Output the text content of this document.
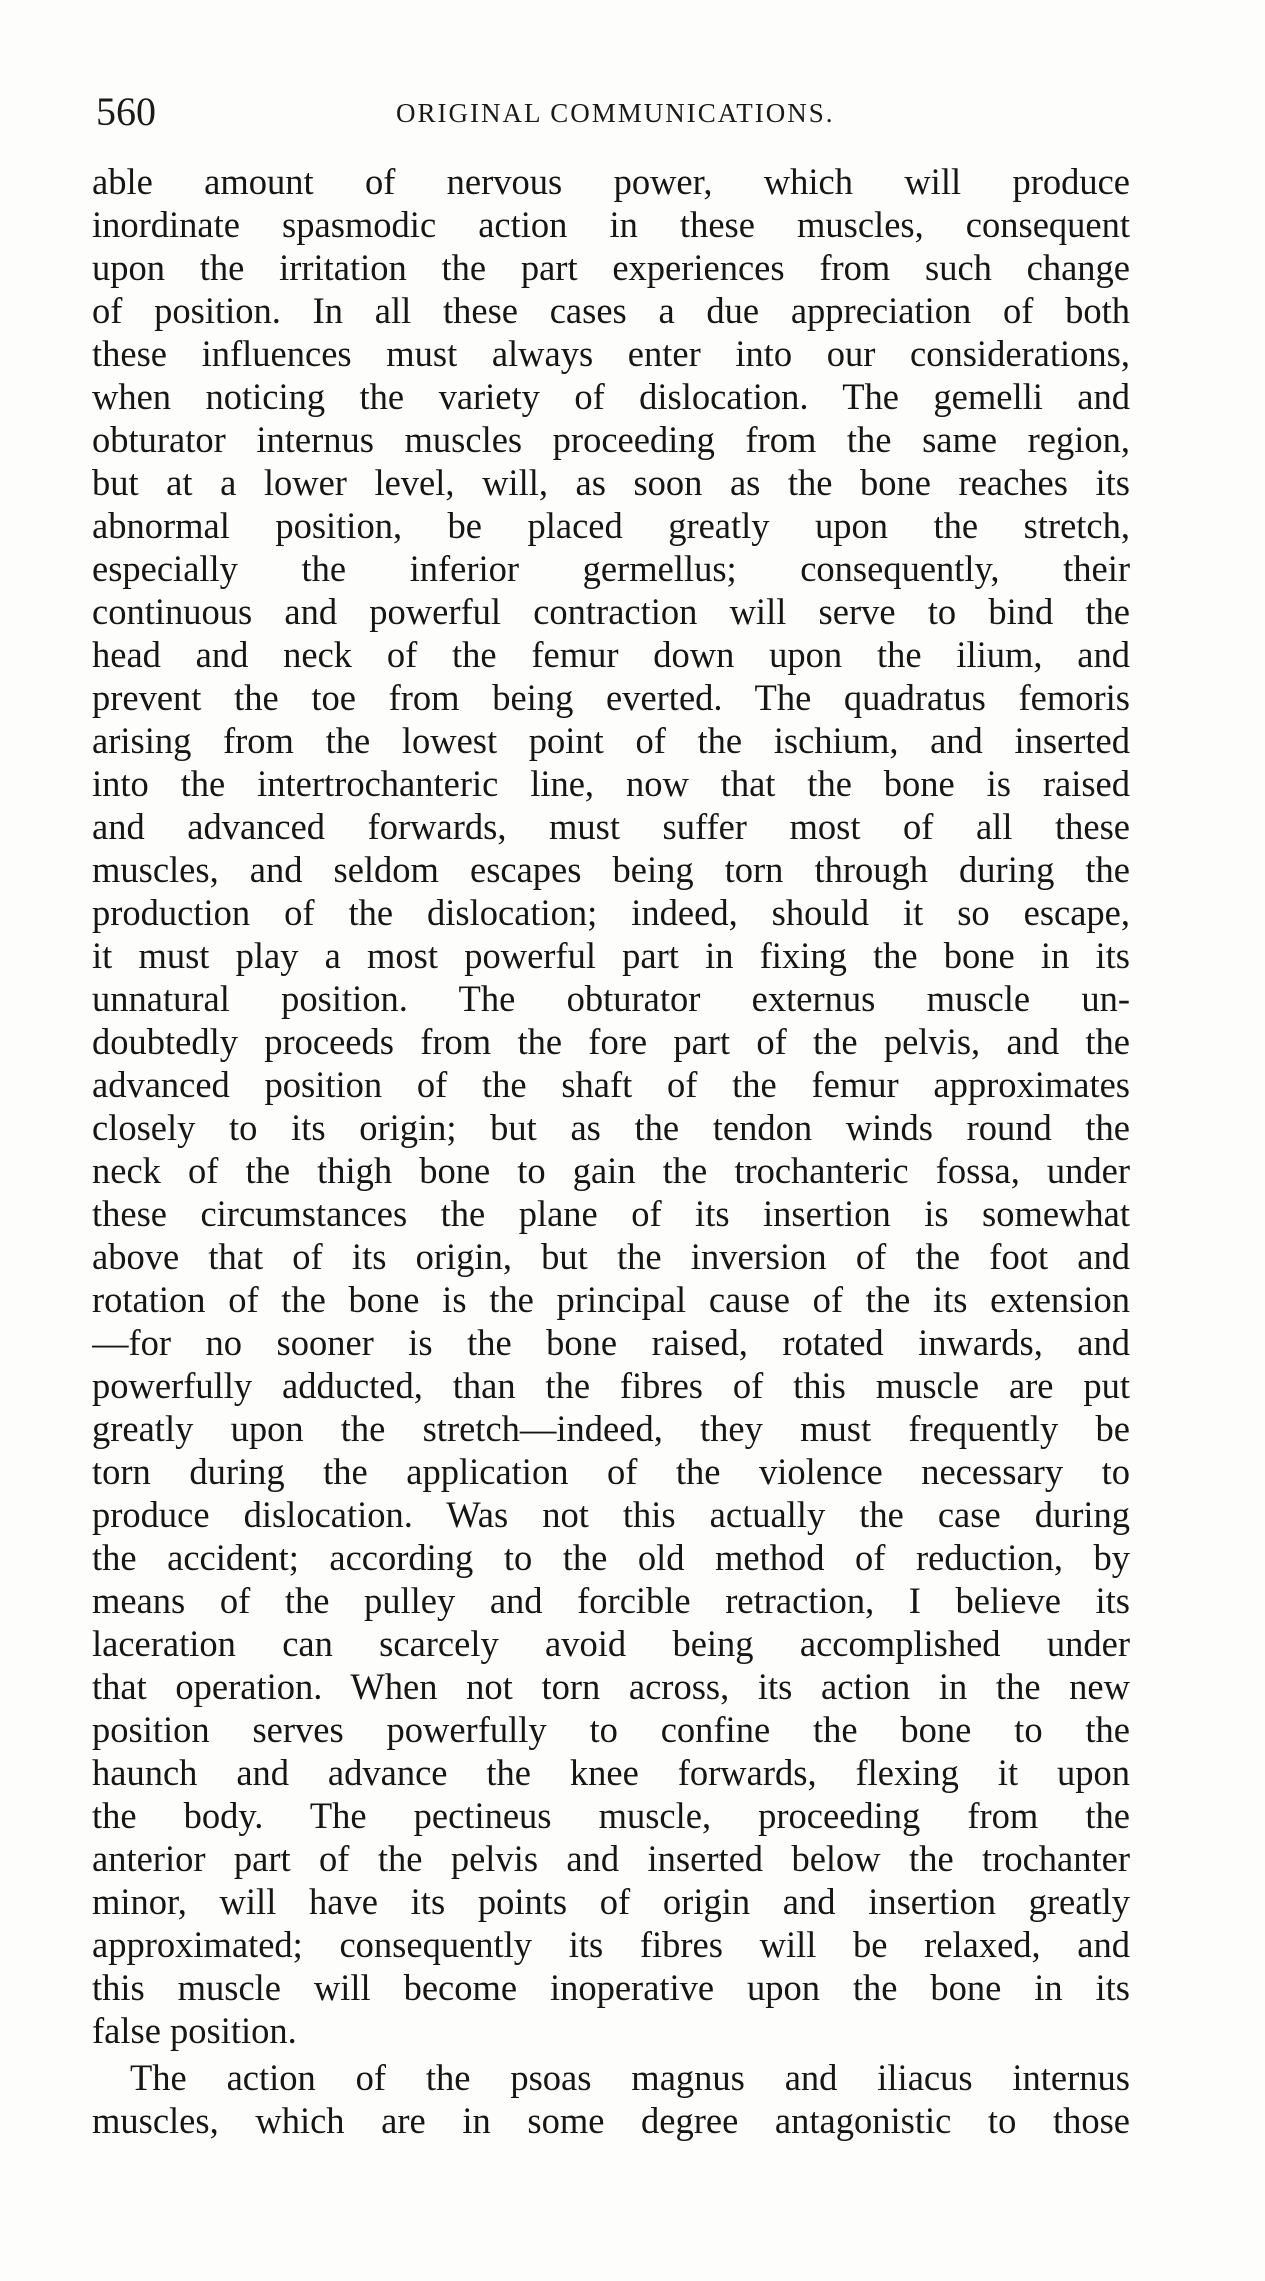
560	ORIGINAL COMMUNICATIONS.
able amount of nervous power, which will produce
inordinate spasmodic action in these muscles, consequent
upon the irritation the part experiences from such change
of position. In all these cases a due appreciation of both
these influences must always enter into our considerations,
when noticing the variety of dislocation. The gemelli and
obturator internus muscles proceeding from the same region,
but at a lower level, will, as soon as the bone reaches its
abnormal position, be placed greatly upon the stretch,
especially the inferior germellus; consequently, their
continuous and powerful contraction will serve to bind the
head and neck of the femur down upon the ilium, and
prevent the toe from being everted. The quadratus femoris
arising from the lowest point of the ischium, and inserted
into the intertrochanteric line, now that the bone is raised
and advanced forwards, must suffer most of all these
muscles, and seldom escapes being torn through during the
production of the dislocation; indeed, should it so escape,
it must play a most powerful part in fixing the bone in its
unnatural position. The obturator externus muscle un-
doubtedly proceeds from the fore part of the pelvis, and the
advanced position of the shaft of the femur approximates
closely to its origin; but as the tendon winds round the
neck of the thigh bone to gain the trochanteric fossa, under
these circumstances the plane of its insertion is somewhat
above that of its origin, but the inversion of the foot and
rotation of the bone is the principal cause of the its extension
—for no sooner is the bone raised, rotated inwards, and
powerfully adducted, than the fibres of this muscle are put
greatly upon the stretch—indeed, they must frequently be
torn during the application of the violence necessary to
produce dislocation. Was not this actually the case during
the accident; according to the old method of reduction, by
means of the pulley and forcible retraction, I believe its
laceration can scarcely avoid being accomplished under
that operation. When not torn across, its action in the new
position serves powerfully to confine the bone to the
haunch and advance the knee forwards, flexing it upon
the body. The pectineus muscle, proceeding from the
anterior part of the pelvis and inserted below the trochanter
minor, will have its points of origin and insertion greatly
approximated; consequently its fibres will be relaxed, and
this muscle will become inoperative upon the bone in its
false position.
The action of the psoas magnus and iliacus internus
muscles, which are in some degree antagonistic to those
